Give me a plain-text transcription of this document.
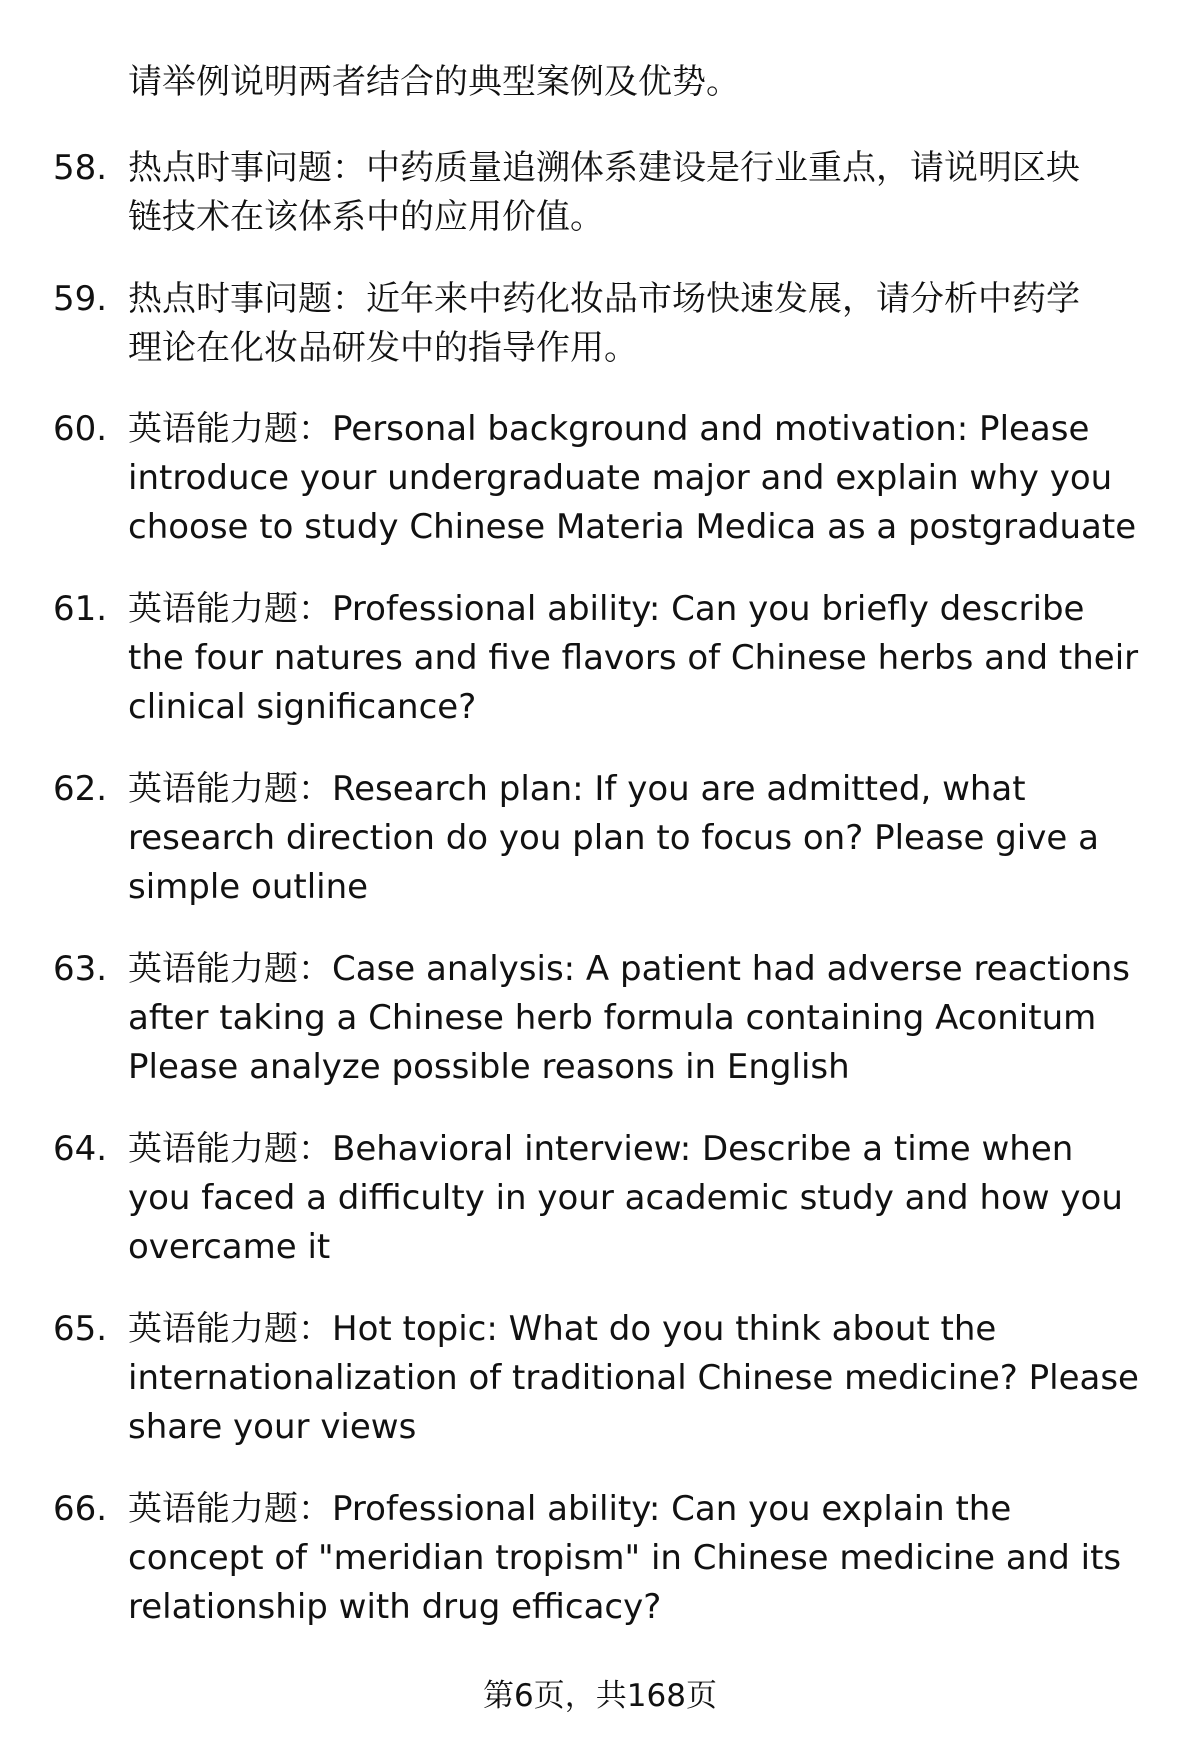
请举例说明两者结合的典型案例及优势。
58. 热点时事问题：中药质量追溯体系建设是行业重点，请说明区块
链技术在该体系中的应用价值。
59. 热点时事问题：近年来中药化妆品市场快速发展，请分析中药学
理论在化妆品研发中的指导作用。
60. 英语能力题：Personal background and motivation: Please
introduce your undergraduate major and explain why you
choose to study Chinese Materia Medica as a postgraduate
61. 英语能力题：Professional ability: Can you briefly describe
the four natures and five flavors of Chinese herbs and their
clinical significance?
62. 英语能力题：Research plan: If you are admitted, what
research direction do you plan to focus on? Please give a
simple outline
63. 英语能力题：Case analysis: A patient had adverse reactions
after taking a Chinese herb formula containing Aconitum
Please analyze possible reasons in English
64. 英语能力题：Behavioral interview: Describe a time when
you faced a difficulty in your academic study and how you
overcame it
65. 英语能力题：Hot topic: What do you think about the
internationalization of traditional Chinese medicine? Please
share your views
66. 英语能力题：Professional ability: Can you explain the
concept of "meridian tropism" in Chinese medicine and its
relationship with drug efficacy?
第6页，共168页
